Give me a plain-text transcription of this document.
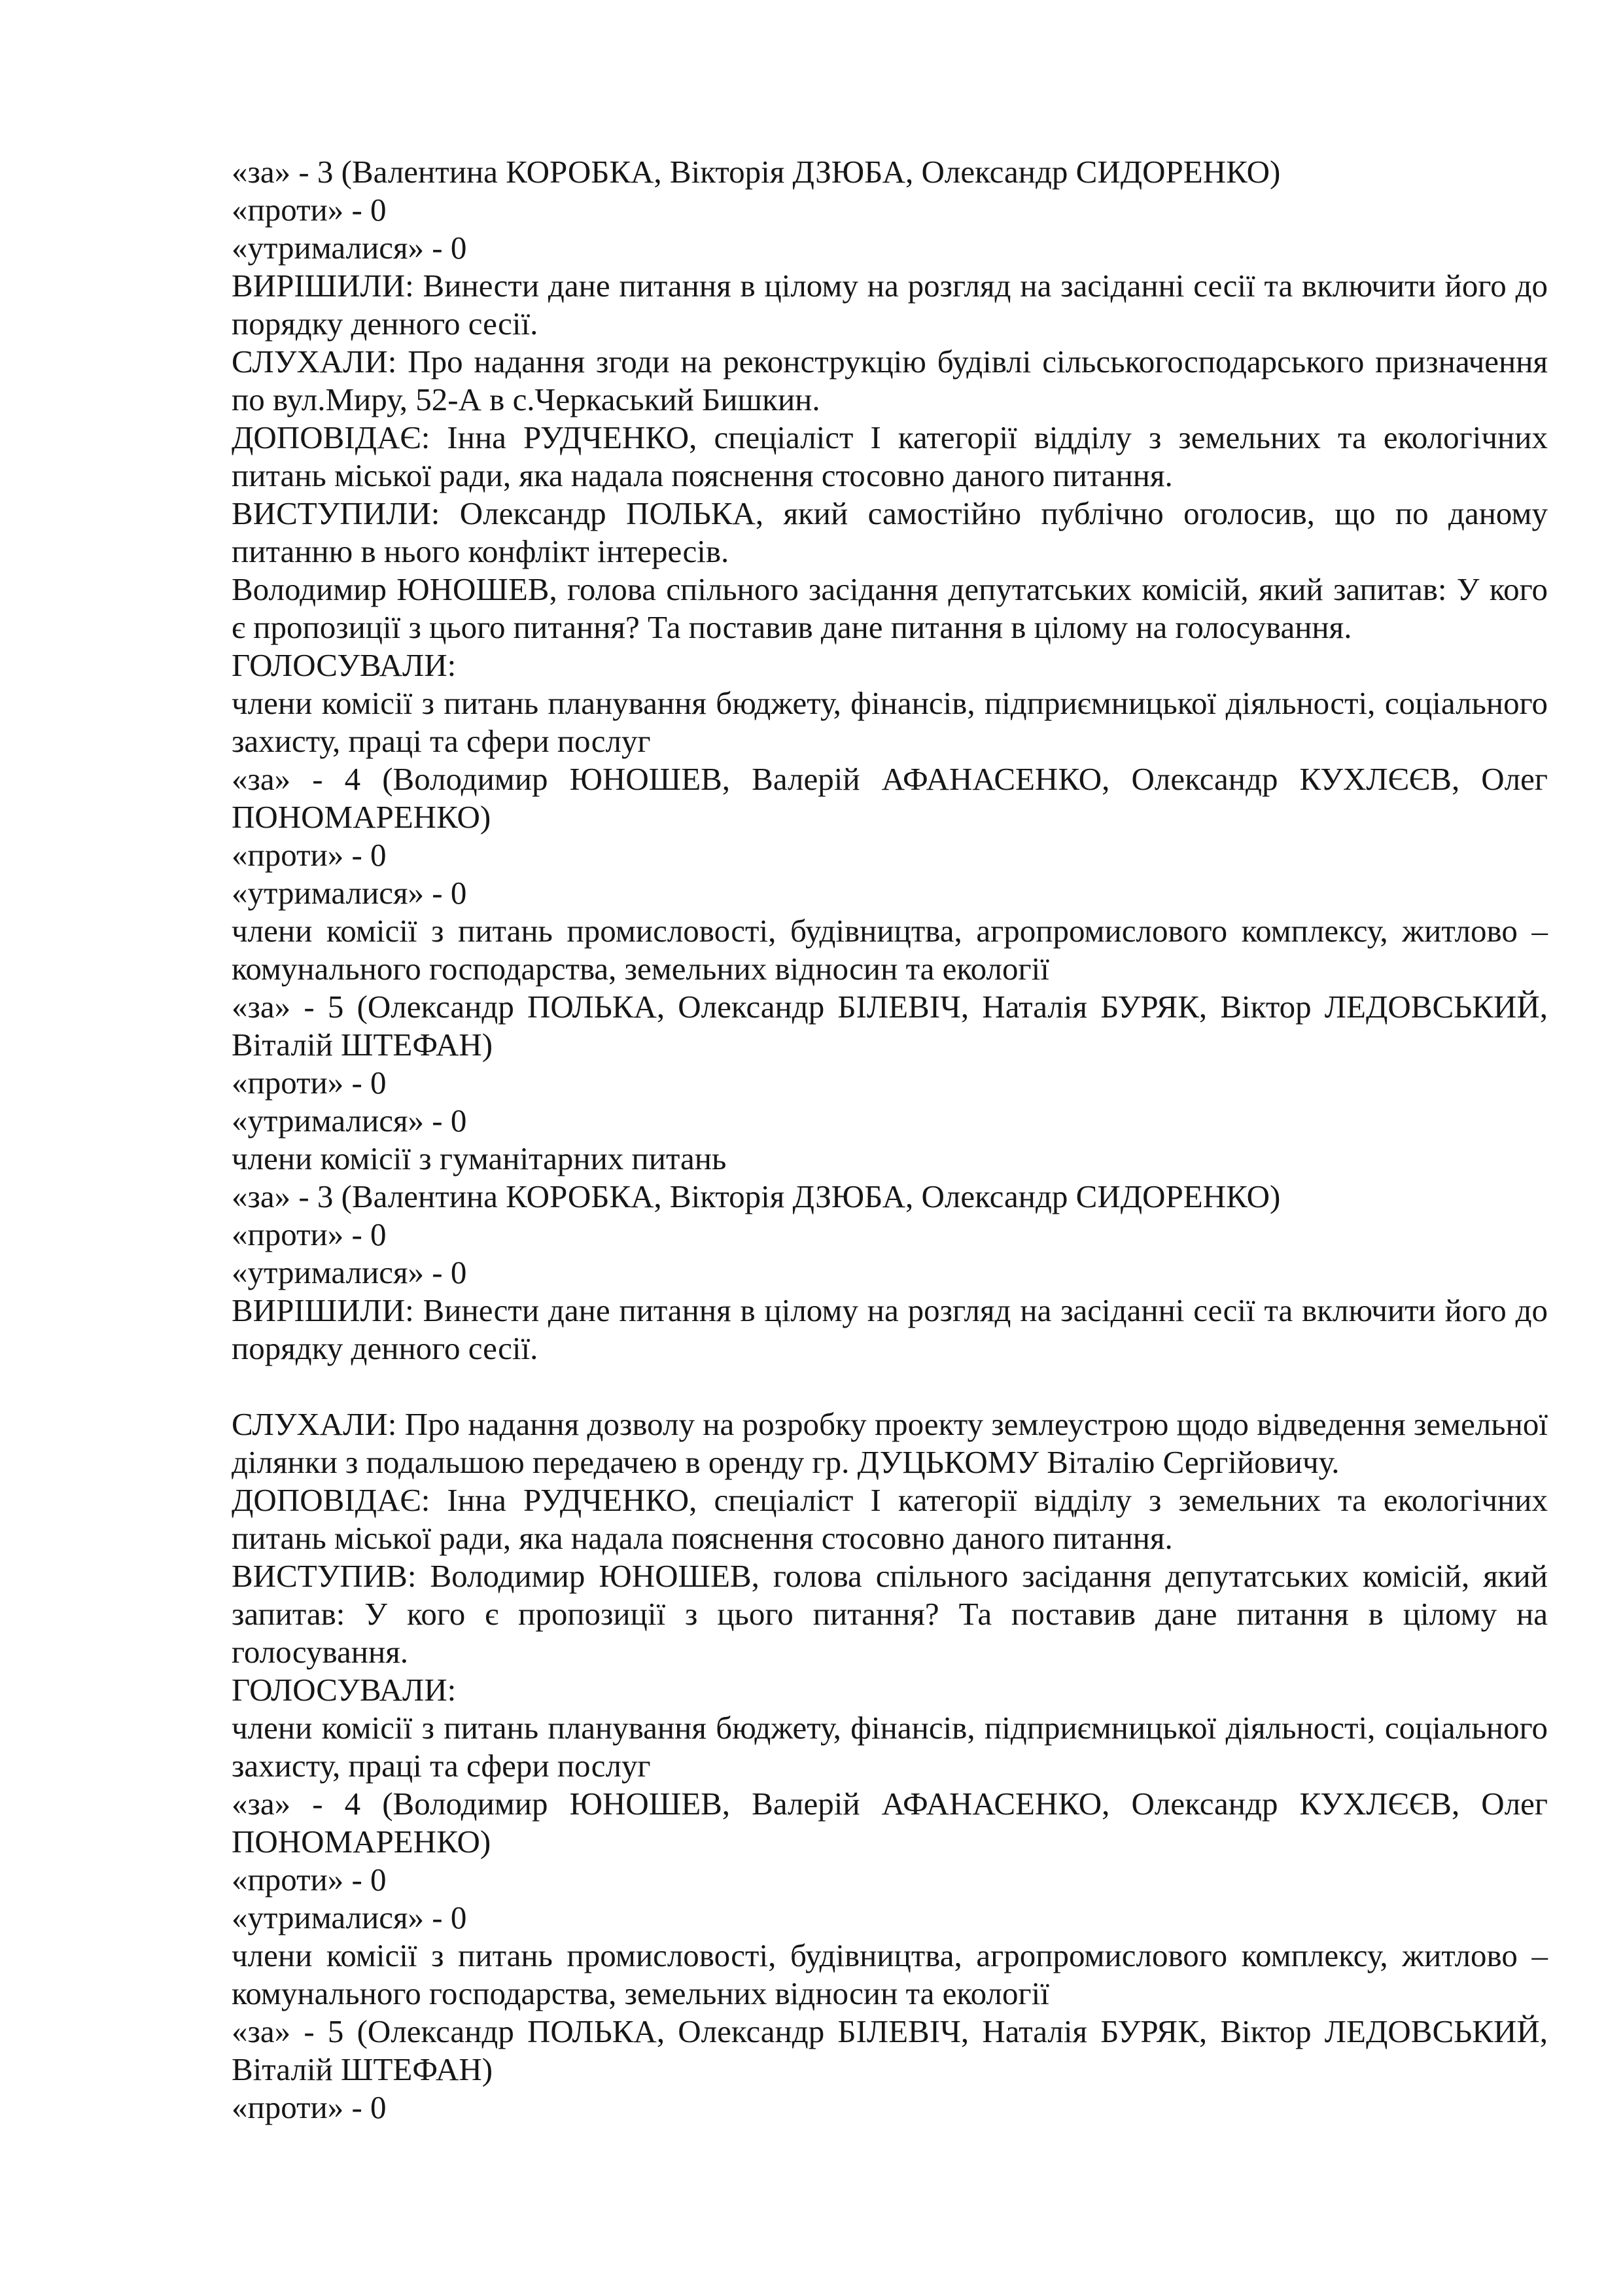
«за» - 3 (Валентина КОРОБКА, Вікторія ДЗЮБА, Олександр СИДОРЕНКО)

«проти» - 0

«утрималися» - 0

ВИРІШИЛИ: Винести дане питання в цілому на розгляд на засіданні сесії та включити його до порядку денного сесії.

СЛУХАЛИ: Про надання згоди на реконструкцію будівлі сільськогосподарського призначення по вул.Миру, 52-А в с.Черкаський Бишкин.

ДОПОВІДАЄ: Інна РУДЧЕНКО, спеціаліст І категорії відділу з земельних та екологічних питань міської ради, яка надала пояснення стосовно даного питання.

ВИСТУПИЛИ: Олександр ПОЛЬКА, який самостійно публічно оголосив, що по даному питанню в нього конфлікт інтересів.

Володимир ЮНОШЕВ, голова спільного засідання депутатських комісій, який запитав: У кого є пропозиції з цього питання? Та поставив дане питання в цілому на голосування.

ГОЛОСУВАЛИ:

члени комісії з питань планування бюджету, фінансів, підприємницької діяльності, соціального захисту, праці та сфери послуг

«за» - 4 (Володимир ЮНОШЕВ, Валерій АФАНАСЕНКО, Олександр КУХЛЄЄВ, Олег ПОНОМАРЕНКО)

«проти» - 0

«утрималися» - 0

члени комісії з питань промисловості, будівництва, агропромислового комплексу, житлово – комунального господарства, земельних відносин та екології

«за» - 5 (Олександр ПОЛЬКА, Олександр БІЛЕВІЧ, Наталія БУРЯК, Віктор ЛЕДОВСЬКИЙ, Віталій ШТЕФАН)

«проти» - 0

«утрималися» - 0

члени комісії з гуманітарних питань

«за» - 3 (Валентина КОРОБКА, Вікторія ДЗЮБА, Олександр СИДОРЕНКО)

«проти» - 0

«утрималися» - 0

ВИРІШИЛИ: Винести дане питання в цілому на розгляд на засіданні сесії та включити його до порядку денного сесії.

СЛУХАЛИ: Про надання дозволу на розробку проекту землеустрою щодо відведення земельної ділянки з подальшою передачею в оренду гр. ДУЦЬКОМУ Віталію Сергійовичу.

ДОПОВІДАЄ: Інна РУДЧЕНКО, спеціаліст І категорії відділу з земельних та екологічних питань міської ради, яка надала пояснення стосовно даного питання.

ВИСТУПИВ: Володимир ЮНОШЕВ, голова спільного засідання депутатських комісій, який запитав: У кого є пропозиції з цього питання? Та поставив дане питання в цілому на голосування.

ГОЛОСУВАЛИ:

члени комісії з питань планування бюджету, фінансів, підприємницької діяльності, соціального захисту, праці та сфери послуг

«за» - 4 (Володимир ЮНОШЕВ, Валерій АФАНАСЕНКО, Олександр КУХЛЄЄВ, Олег ПОНОМАРЕНКО)

«проти» - 0

«утрималися» - 0

члени комісії з питань промисловості, будівництва, агропромислового комплексу, житлово – комунального господарства, земельних відносин та екології

«за» - 5 (Олександр ПОЛЬКА, Олександр БІЛЕВІЧ, Наталія БУРЯК, Віктор ЛЕДОВСЬКИЙ, Віталій ШТЕФАН)

«проти» - 0
